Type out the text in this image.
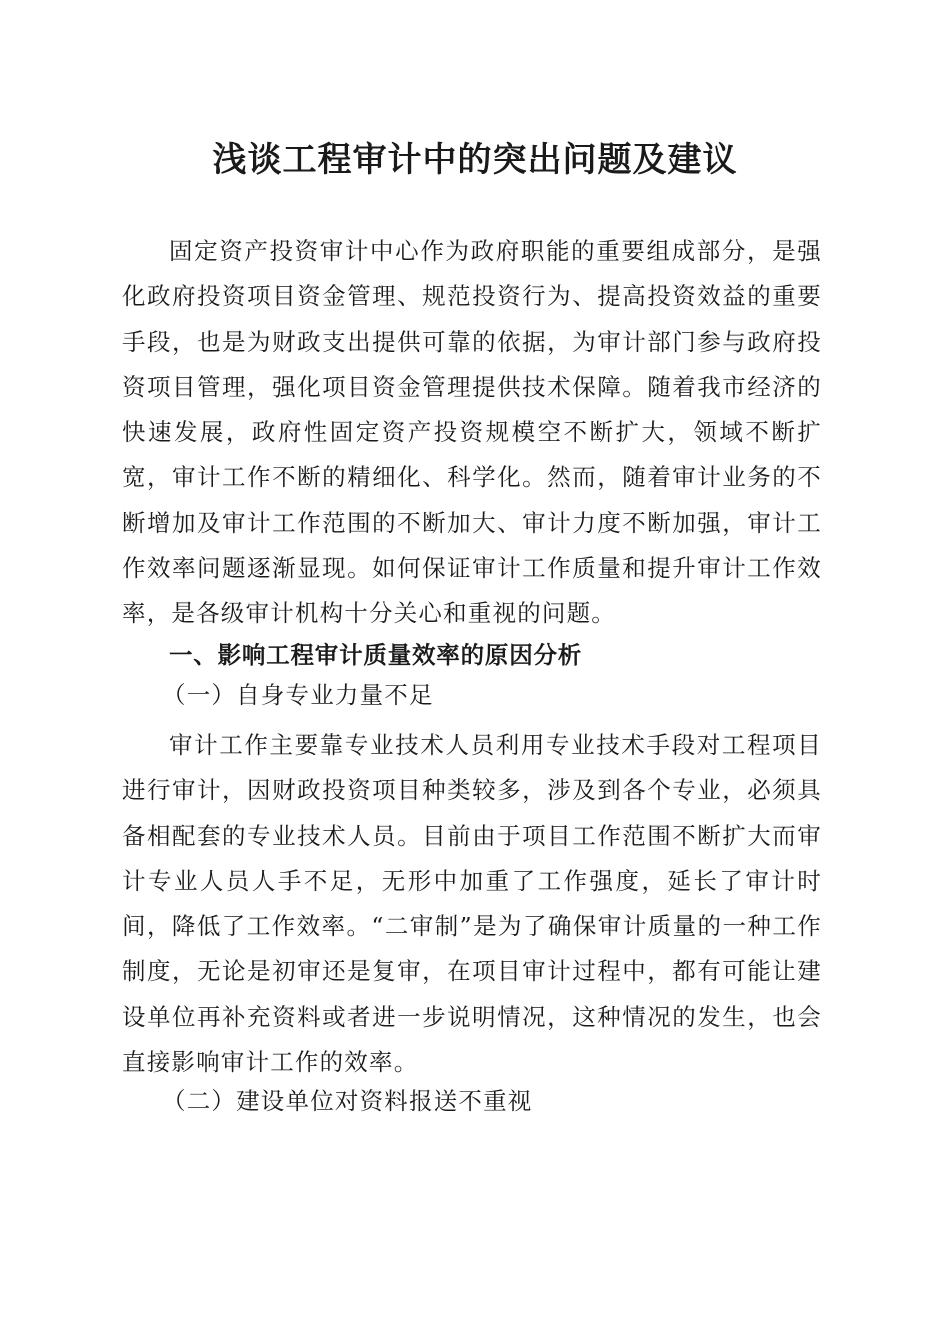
浅谈工程审计中的突出问题及建议

固定资产投资审计中心作为政府职能的重要组成部分，是强化政府投资项目资金管理、规范投资行为、提高投资效益的重要手段，也是为财政支出提供可靠的依据，为审计部门参与政府投资项目管理，强化项目资金管理提供技术保障。随着我市经济的快速发展，政府性固定资产投资规模空不断扩大，领域不断扩宽，审计工作不断的精细化、科学化。然而，随着审计业务的不断增加及审计工作范围的不断加大、审计力度不断加强，审计工作效率问题逐渐显现。如何保证审计工作质量和提升审计工作效率，是各级审计机构十分关心和重视的问题。

一、影响工程审计质量效率的原因分析

（一）自身专业力量不足

审计工作主要靠专业技术人员利用专业技术手段对工程项目进行审计，因财政投资项目种类较多，涉及到各个专业，必须具备相配套的专业技术人员。目前由于项目工作范围不断扩大而审计专业人员人手不足，无形中加重了工作强度，延长了审计时间，降低了工作效率。“二审制”是为了确保审计质量的一种工作制度，无论是初审还是复审，在项目审计过程中，都有可能让建设单位再补充资料或者进一步说明情况，这种情况的发生，也会直接影响审计工作的效率。

（二）建设单位对资料报送不重视
